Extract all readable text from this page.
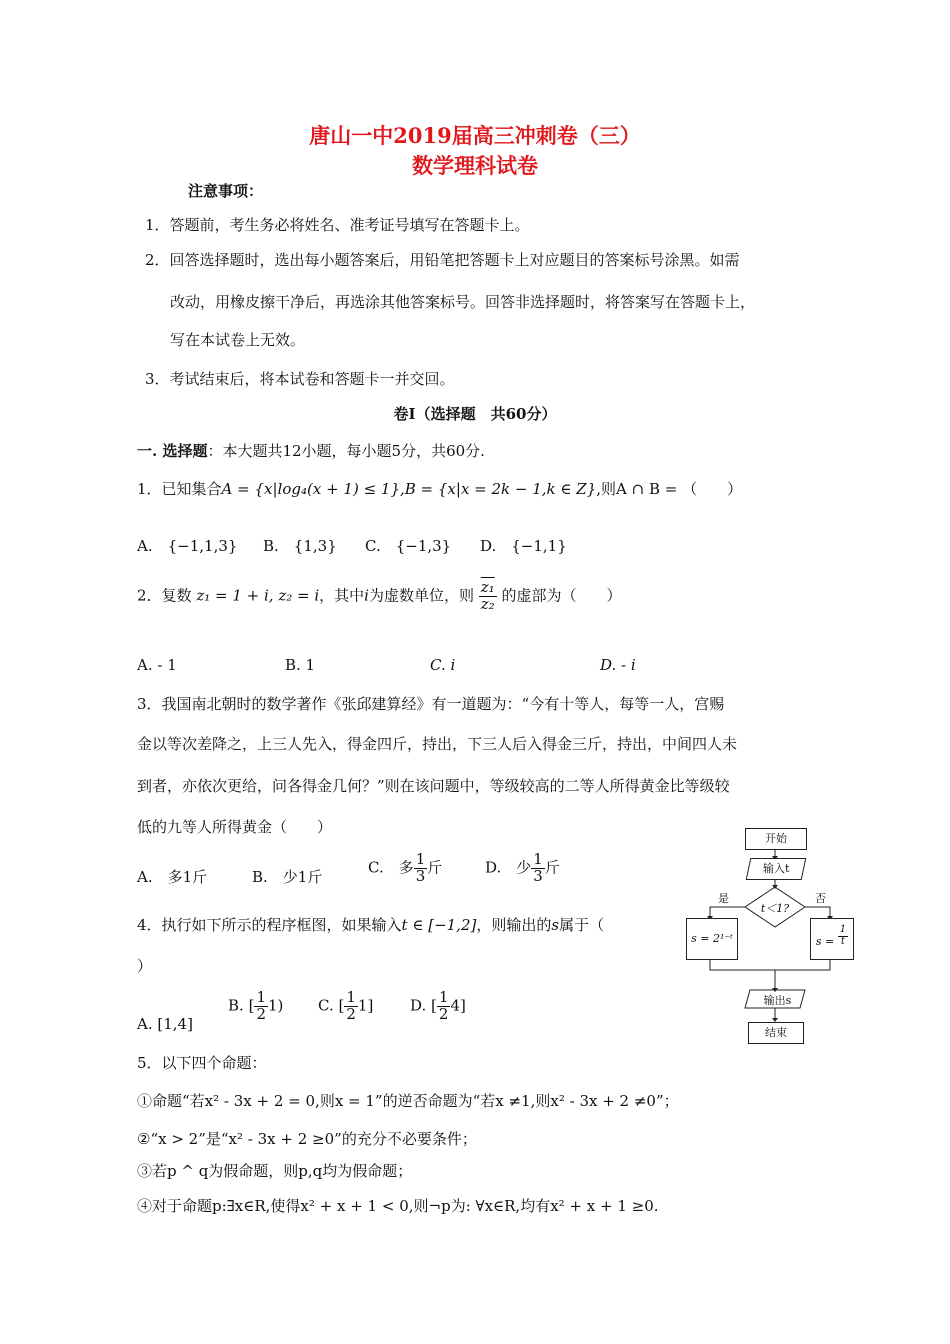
唐山一中2019届高三冲刺卷（三）
数学理科试卷
注意事项：
1．答题前，考生务必将姓名、准考证号填写在答题卡上。
2．回答选择题时，选出每小题答案后，用铅笔把答题卡上对应题目的答案标号涂黑。如需
改动，用橡皮擦干净后，再选涂其他答案标号。回答非选择题时，将答案写在答题卡上，
写在本试卷上无效。
3．考试结束后，将本试卷和答题卡一并交回。
卷Ⅰ（选择题　共60分）
一. 选择题：本大题共12小题，每小题5分，共60分.
1．已知集合A = {x|log₄(x + 1) ≤ 1},B = {x|x = 2k − 1,k ∈ Z},则A ∩ B = （　　）
A.　{−1,1,3} B.　{1,3} C.　{−1,3} D.　{−1,1}
2．复数 z₁ = 1 + i, z₂ = i，其中i为虚数单位，则 $\frac{\text{z₁}}{\text{z₂}}$ 的虚部为（　　）
A. - 1	B. 1	C. i	D. - i
3．我国南北朝时的数学著作《张邱建算经》有一道题为：“今有十等人，每等一人，宫赐
金以等次差降之，上三人先入，得金四斤，持出，下三人后入得金三斤，持出，中间四人未
到者，亦依次更给，问各得金几何？”则在该问题中，等级较高的二等人所得黄金比等级较
低的九等人所得黄金（　　）
A.　多1斤	B.　少1斤
C.　多 $\frac{1}{3}$ 斤	D.　少 $\frac{1}{3}$ 斤
4．执行如下所示的程序框图，如果输入t ∈ [−1,2]，则输出的s属于（
）
A. [1,4]
B. [ $\frac{1}{2} 1$) C. [ $\frac{1}{2} 1$] D. [ $\frac{1}{2} 4$]
开始
输入t
t＜1?
是	否
s = 2¹⁻ᵗ	$s = \frac{1}{t}$
输出s
结束
5．以下四个命题：
①命题“若x² - 3x + 2 = 0,则x = 1”的逆否命题为“若x ≠1,则x² - 3x + 2 ≠0”；
②“x > 2”是“x² - 3x + 2 ≥0”的充分不必要条件；
③若p ^ q为假命题，则p,q均为假命题；
④对于命题p:∃x∈R,使得x² + x + 1 < 0,则¬p为: ∀x∈R,均有x² + x + 1 ≥0.
